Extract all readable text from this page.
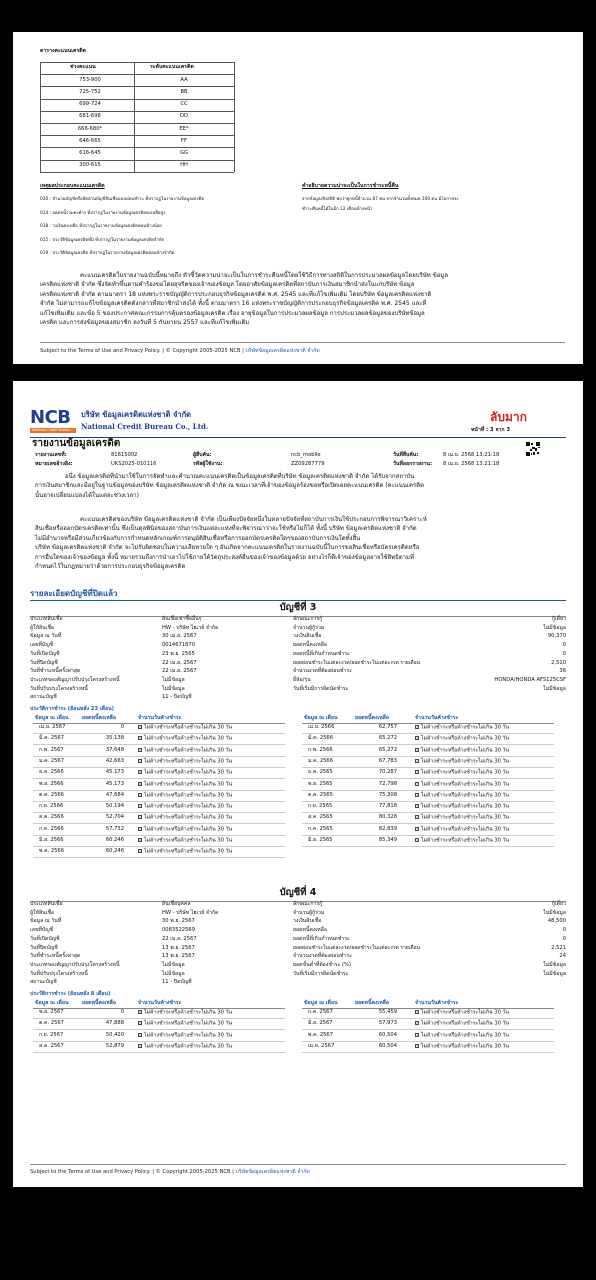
ตารางคะแนนเครดิต
ช่วงคะแนน	ระดับคะแนนเครดิต
753-900	AA
725-752	BB
699-724	CC
681-698	DD
666-680*	EE*
646-665	FF
616-645	GG
300-615	HH
เหตุผลประกอบคะแนนเครดิต
030 : จำนวนบัญชีหรือสัดส่วนบัญชีสินเชื่อแบบผ่อนชำระ ที่ปรากฏในรายงานข้อมูลเครดิต
014 : ยอดหนี้รวมคงค้าง ที่ปรากฏในรายงานข้อมูลเครดิตคงเหลือสูง
018 : วงเงินคงเหลือ ที่ปรากฏในรายงานข้อมูลเครดิตค่อนข้างน้อย
015 : ประวัติข้อมูลเครดิตที่มี ที่ปรากฏในรายงานข้อมูลเครดิตจำกัด
019 : ประวัติข้อมูลเครดิต ที่ปรากฏในรายงานข้อมูลเครดิตค่อนข้างจำกัด
คำอธิบายความน่าจะเป็นในการชำระหนี้คืน
จากข้อมูลเชิงสถิติ พบว่าลูกหนี้จำนวน 87 คน จากจำนวนทั้งหมด 100 คน มีโอกาสจะ
ชำระคืนหนี้ได้ในอีก 12 เดือนข้างหน้า
คะแนนเครดิตในรายงานฉบับนี้หมายถึง ตัวชี้วัดความน่าจะเป็นในการชำระคืนหนี้โดยใช้วิธีการทางสถิติในการประมวลผลข้อมูลโดยบริษัท ข้อมูล
เครดิตแห่งชาติ จำกัด ซึ่งจัดทำขึ้นตามคำร้องขอโดยสุจริตของเจ้าของข้อมูล โดยอาศัยข้อมูลเครดิตที่สถาบันการเงินสมาชิกนำส่งในแก่บริษัท ข้อมูล
เครดิตแห่งชาติ จำกัด ตามมาตรา 18 แห่งพระราชบัญญัติการประกอบธุรกิจข้อมูลเครดิต พ.ศ. 2545 และที่แก้ไขเพิ่มเติม โดยบริษัท ข้อมูลเครดิตแห่งชาติ
จำกัด ไม่สามารถแก้ไขข้อมูลเครดิตดังกล่าวที่สมาชิกนำส่งได้ ทั้งนี้ ตามมาตรา 16 แห่งพระราชบัญญัติการประกอบธุรกิจข้อมูลเครดิต พ.ศ. 2545 และที่
แก้ไขเพิ่มเติม และข้อ 5 ของประกาศคณะกรรมการคุ้มครองข้อมูลเครดิต เรื่อง อายุข้อมูลในการประมวลผลข้อมูล การประมวลผลข้อมูลของบริษัทข้อมูล
เครดิต และการส่งข้อมูลของสมาชิก ลงวันที่ 5 กันยายน 2557 และที่แก้ไขเพิ่มเติม
Subject to the Terms of Use and Privacy Policy. | © Copyright 2005-2025 NCB | บริษัทข้อมูลเครดิตแห่งชาติ จำกัด
NCB
National Credit Bureau
บริษัท ข้อมูลเครดิตแห่งชาติ จำกัด
National Credit Bureau Co., Ltd.
ลับมาก
หน้าที่ : 3 จาก 3
รายงานข้อมูลเครดิต
รายงานเลขที่:	81815002	ผู้สืบค้น:	ncb_mobile	วันที่สืบค้น:	8 เม.ย. 2568 13:21:18
หมายเลขอ้างอิง:	UKS2025-010116	รหัสผู้ใช้งาน:	ZZ09287779	วันที่ออกรายงาน: 8 เม.ย. 2568 13:21:18
อนึ่ง ข้อมูลเครดิตที่นำมาใช้ในการจัดทำและคำนวณคะแนนเครดิตเป็นข้อมูลเครดิตที่บริษัท ข้อมูลเครดิตแห่งชาติ จำกัด ได้รับจากสถาบัน
การเงินสมาชิกและมีอยู่ในฐานข้อมูลของบริษัท ข้อมูลเครดิตแห่งชาติ จำกัด ณ ขณะเวลาที่เจ้าของข้อมูลร้องขอหรือเปิดเผยคะแนนเครดิต (คะแนนเครดิต
นั้นอาจเปลี่ยนแปลงได้ในแต่ละช่วงเวลา)
คะแนนเครดิตของบริษัท ข้อมูลเครดิตแห่งชาติ จำกัด เป็นเพียงปัจจัยหนึ่งในหลายปัจจัยที่สถาบันการเงินใช้ประกอบการพิจารณาวิเคราะห์
สินเชื่อหรือออกบัตรเครดิตเท่านั้น ซึ่งเป็นดุลพินิจของสถาบันการเงินแต่ละแห่งที่จะพิจารณาว่าจะใช้หรือไม่ก็ได้ ทั้งนี้ บริษัท ข้อมูลเครดิตแห่งชาติ จำกัด
ไม่มีอำนาจหรือมีส่วนเกี่ยวข้องกับการกำหนดหลักเกณฑ์การอนุมัติสินเชื่อหรือการออกบัตรเครดิตใดๆของสถาบันการเงินใดทั้งสิ้น
บริษัท ข้อมูลเครดิตแห่งชาติ จำกัด จะไม่รับผิดชอบในความเสียหายใด ๆ อันเกิดจากคะแนนเครดิตในรายงานฉบับนี้ในการขอสินเชื่อหรือบัตรเครดิตหรือ
การอื่นใดของเจ้าของข้อมูล ทั้งนี้ หมายรวมถึงการนำเอาไปใช้ภายใต้วัตถุประสงค์อื่นของเจ้าของข้อมูลด้วย อย่างไรก็ดีเจ้าของข้อมูลอาจใช้สิทธิตามที่
กำหนดไว้ในกฎหมายว่าด้วยการประกอบธุรกิจข้อมูลเครดิต
รายละเอียดบัญชีที่ปิดแล้ว
บัญชีที่ 3
ประเภทสินเชื่อ	สินเชื่อเช่าซื้ออื่นๆ
ผู้ให้สินเชื่อ	HW - บริษัท ไฮเวย์ จำกัด
ข้อมูล ณ วันที่	30 เม.ย. 2567
เลขที่บัญชี	0014671870
วันที่เปิดบัญชี	23 พ.ย. 2565
วันที่ปิดบัญชี	22 เม.ย. 2567
วันที่ชำระหนี้ครั้งล่าสุด	22 เม.ย. 2567
ประเภทของสัญญาปรับปรุงโครงสร้างหนี้	ไม่มีข้อมูล
วันที่ปรับปรุงโครงสร้างหนี้	ไม่มีข้อมูล
สถานะบัญชี	11 - ปิดบัญชี
ลักษณะการกู้	กู้เดี่ยว
จำนวนผู้กู้ร่วม	ไม่มีข้อมูล
วงเงินสินเชื่อ	90,370
ยอดหนี้คงเหลือ	0
ยอดหนี้ที่เกินกำหนดชำระ	0
ยอดผ่อนชำระในแต่ละงวด/ยอดชำระในแต่ละงวด รายเดือน	2,510
จำนวนงวดที่ต้องผ่อนชำระ	36
ยี่ห้อ/รุ่น	HONDA/HONDA AFS125CSF
วันที่เริ่มมีการผิดนัดชำระ	ไม่มีข้อมูล
ประวัติการชำระ (ย้อนหลัง 23 เดือน)
ข้อมูล ณ เดือน	ยอดหนี้คงเหลือ	จำนวนวันค้างชำระ	ข้อมูล ณ เดือน	ยอดหนี้คงเหลือ	จำนวนวันค้างชำระ
เม.ย. 2567	0	ไม่ค้างชำระหรือค้างชำระไม่เกิน 30 วัน
มี.ค. 2567	35,138	ไม่ค้างชำระหรือค้างชำระไม่เกิน 30 วัน
ก.พ. 2567	37,648	ไม่ค้างชำระหรือค้างชำระไม่เกิน 30 วัน
ม.ค. 2567	42,663	ไม่ค้างชำระหรือค้างชำระไม่เกิน 30 วัน
ธ.ค. 2566	45,173	ไม่ค้างชำระหรือค้างชำระไม่เกิน 30 วัน
พ.ย. 2566	45,173	ไม่ค้างชำระหรือค้างชำระไม่เกิน 30 วัน
ต.ค. 2566	47,684	ไม่ค้างชำระหรือค้างชำระไม่เกิน 30 วัน
ก.ย. 2566	50,194	ไม่ค้างชำระหรือค้างชำระไม่เกิน 30 วัน
ส.ค. 2566	52,704	ไม่ค้างชำระหรือค้างชำระไม่เกิน 30 วัน
ก.ค. 2566	57,732	ไม่ค้างชำระหรือค้างชำระไม่เกิน 30 วัน
มิ.ย. 2566	60,246	ไม่ค้างชำระหรือค้างชำระไม่เกิน 30 วัน
พ.ค. 2566	60,246	ไม่ค้างชำระหรือค้างชำระไม่เกิน 30 วัน
เม.ย. 2566	62,757	ไม่ค้างชำระหรือค้างชำระไม่เกิน 30 วัน
มี.ค. 2566	65,272	ไม่ค้างชำระหรือค้างชำระไม่เกิน 30 วัน
ก.พ. 2566	65,272	ไม่ค้างชำระหรือค้างชำระไม่เกิน 30 วัน
ม.ค. 2566	67,783	ไม่ค้างชำระหรือค้างชำระไม่เกิน 30 วัน
ธ.ค. 2565	70,287	ไม่ค้างชำระหรือค้างชำระไม่เกิน 30 วัน
พ.ย. 2565	72,798	ไม่ค้างชำระหรือค้างชำระไม่เกิน 30 วัน
ต.ค. 2565	75,308	ไม่ค้างชำระหรือค้างชำระไม่เกิน 30 วัน
ก.ย. 2565	77,818	ไม่ค้างชำระหรือค้างชำระไม่เกิน 30 วัน
ส.ค. 2565	80,328	ไม่ค้างชำระหรือค้างชำระไม่เกิน 30 วัน
ก.ค. 2565	82,839	ไม่ค้างชำระหรือค้างชำระไม่เกิน 30 วัน
มิ.ย. 2565	85,349	ไม่ค้างชำระหรือค้างชำระไม่เกิน 30 วัน
บัญชีที่ 4
ประเภทสินเชื่อ	สินเชื่อบุคคล
ผู้ให้สินเชื่อ	HW - บริษัท ไฮเวย์ จำกัด
ข้อมูล ณ วันที่	30 พ.ย. 2567
เลขที่บัญชี	0083522569
วันที่เปิดบัญชี	22 เม.ย. 2567
วันที่ปิดบัญชี	13 พ.ย. 2567
วันที่ชำระหนี้ครั้งล่าสุด	13 พ.ย. 2567
ประเภทของสัญญาปรับปรุงโครงสร้างหนี้	ไม่มีข้อมูล
วันที่ปรับปรุงโครงสร้างหนี้	ไม่มีข้อมูล
สถานะบัญชี	11 - ปิดบัญชี
ลักษณะการกู้	กู้เดี่ยว
จำนวนผู้กู้ร่วม	ไม่มีข้อมูล
วงเงินสินเชื่อ	48,500
ยอดหนี้คงเหลือ	0
ยอดหนี้ที่เกินกำหนดชำระ	0
ยอดผ่อนชำระในแต่ละงวด/ยอดชำระในแต่ละงวด รายเดือน	2,521
จำนวนงวดที่ต้องผ่อนชำระ	24
ยอดขั้นต่ำที่ต้องชำระ (%)	ไม่มีข้อมูล
วันที่เริ่มมีการผิดนัดชำระ	ไม่มีข้อมูล
ประวัติการชำระ (ย้อนหลัง 8 เดือน)
ข้อมูล ณ เดือน	ยอดหนี้คงเหลือ	จำนวนวันค้างชำระ	ข้อมูล ณ เดือน	ยอดหนี้คงเหลือ	จำนวนวันค้างชำระ
พ.ย. 2567	0	ไม่ค้างชำระหรือค้างชำระไม่เกิน 30 วัน
ต.ค. 2567	47,888	ไม่ค้างชำระหรือค้างชำระไม่เกิน 30 วัน
ก.ย. 2567	50,420	ไม่ค้างชำระหรือค้างชำระไม่เกิน 30 วัน
ส.ค. 2567	52,879	ไม่ค้างชำระหรือค้างชำระไม่เกิน 30 วัน
ก.ค. 2567	55,459	ไม่ค้างชำระหรือค้างชำระไม่เกิน 30 วัน
มิ.ย. 2567	57,973	ไม่ค้างชำระหรือค้างชำระไม่เกิน 30 วัน
พ.ค. 2567	60,504	ไม่ค้างชำระหรือค้างชำระไม่เกิน 30 วัน
เม.ย. 2567	60,504	ไม่ค้างชำระหรือค้างชำระไม่เกิน 30 วัน
Subject to the Terms of Use and Privacy Policy. | © Copyright 2005-2025 NCB | บริษัทข้อมูลเครดิตแห่งชาติ จำกัด
